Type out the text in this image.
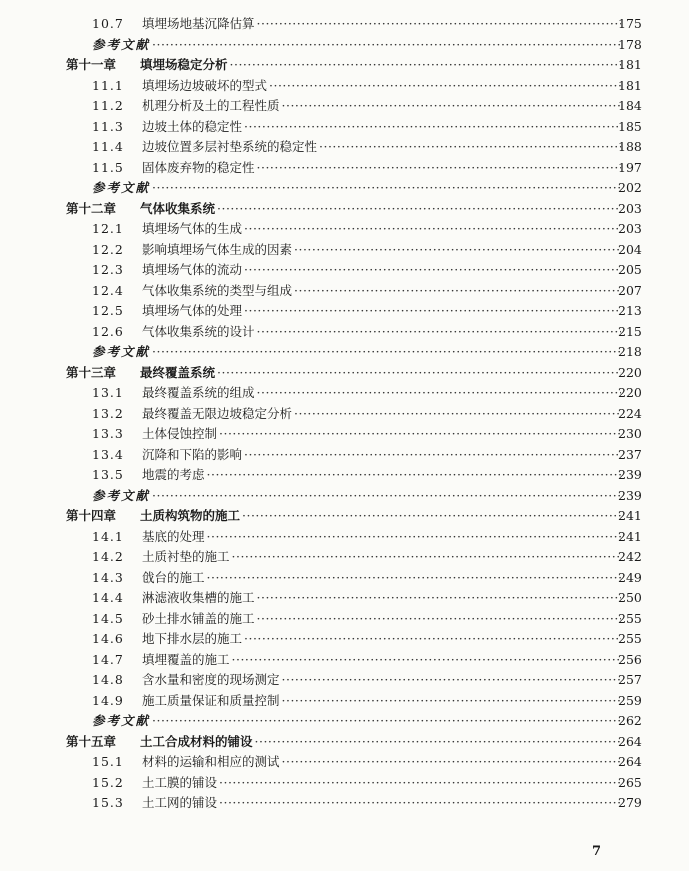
10.7 填埋场地基沉降估算 ·····	175
参考文献 ·····	178
第十一章 填埋场稳定分析 ·····	181
11.1 填埋场边坡破坏的型式 ·····	181
11.2 机理分析及土的工程性质 ·····	184
11.3 边坡土体的稳定性 ·····	185
11.4 边坡位置多层衬垫系统的稳定性 ·····	188
11.5 固体废弃物的稳定性 ·····	197
参考文献 ·····	202
第十二章 气体收集系统 ·····	203
12.1 填埋场气体的生成 ·····	203
12.2 影响填埋场气体生成的因素 ·····	204
12.3 填埋场气体的流动 ·····	205
12.4 气体收集系统的类型与组成 ·····	207
12.5 填埋场气体的处理 ·····	213
12.6 气体收集系统的设计 ·····	215
参考文献 ·····	218
第十三章 最终覆盖系统 ·····	220
13.1 最终覆盖系统的组成 ·····	220
13.2 最终覆盖无限边坡稳定分析 ·····	224
13.3 土体侵蚀控制 ·····	230
13.4 沉降和下陷的影响 ·····	237
13.5 地震的考虑 ·····	239
参考文献 ·····	239
第十四章 土质构筑物的施工 ·····	241
14.1 基底的处理 ·····	241
14.2 土质衬垫的施工 ·····	242
14.3 戗台的施工 ·····	249
14.4 淋滤液收集槽的施工 ·····	250
14.5 砂土排水铺盖的施工 ·····	255
14.6 地下排水层的施工 ·····	255
14.7 填埋覆盖的施工 ·····	256
14.8 含水量和密度的现场测定 ·····	257
14.9 施工质量保证和质量控制 ·····	259
参考文献 ·····	262
第十五章 土工合成材料的铺设 ·····	264
15.1 材料的运输和相应的测试 ·····	264
15.2 土工膜的铺设 ·····	265
15.3 土工网的铺设 ·····	279
7
